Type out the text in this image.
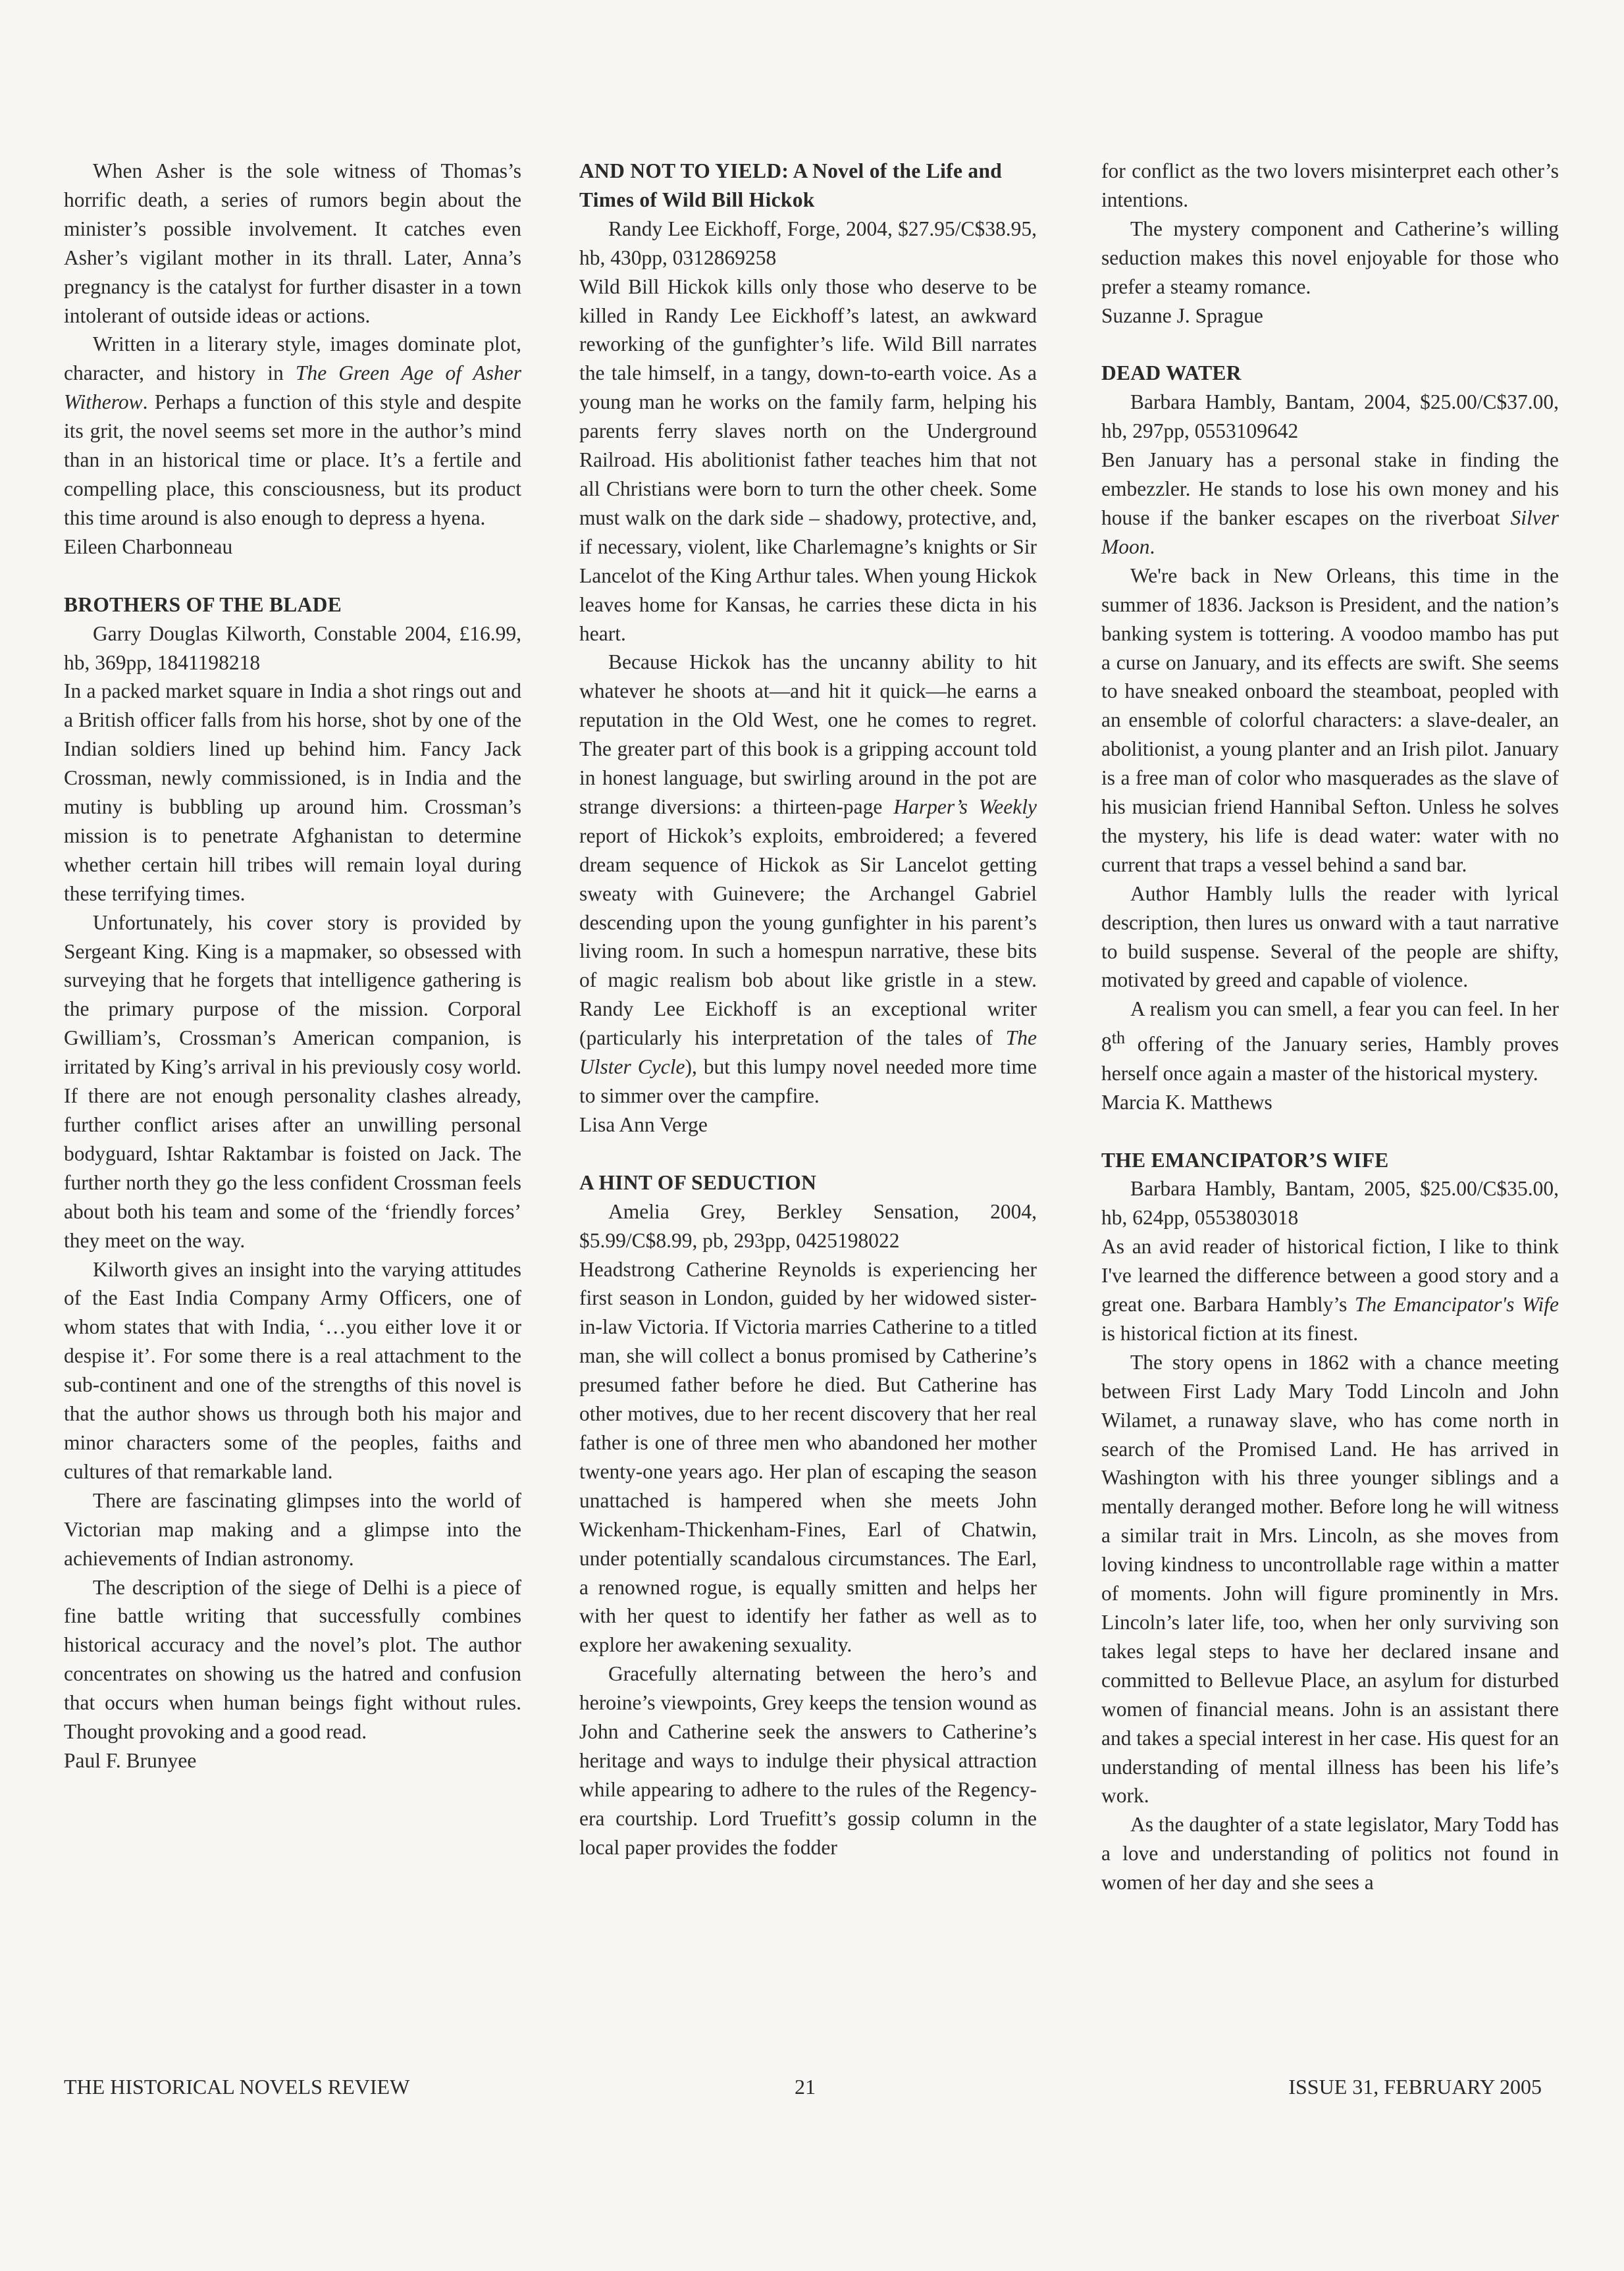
When Asher is the sole witness of Thomas’s horrific death, a series of rumors begin about the minister’s possible involvement. It catches even Asher’s vigilant mother in its thrall. Later, Anna’s pregnancy is the catalyst for further disaster in a town intolerant of outside ideas or actions.

Written in a literary style, images dominate plot, character, and history in The Green Age of Asher Witherow. Perhaps a function of this style and despite its grit, the novel seems set more in the author’s mind than in an historical time or place. It’s a fertile and compelling place, this consciousness, but its product this time around is also enough to depress a hyena.

Eileen Charbonneau

BROTHERS OF THE BLADE

Garry Douglas Kilworth, Constable 2004, £16.99, hb, 369pp, 1841198218

In a packed market square in India a shot rings out and a British officer falls from his horse, shot by one of the Indian soldiers lined up behind him. Fancy Jack Crossman, newly commissioned, is in India and the mutiny is bubbling up around him. Crossman’s mission is to penetrate Afghanistan to determine whether certain hill tribes will remain loyal during these terrifying times.

Unfortunately, his cover story is provided by Sergeant King. King is a mapmaker, so obsessed with surveying that he forgets that intelligence gathering is the primary purpose of the mission. Corporal Gwilliam’s, Crossman’s American companion, is irritated by King’s arrival in his previously cosy world. If there are not enough personality clashes already, further conflict arises after an unwilling personal bodyguard, Ishtar Raktambar is foisted on Jack. The further north they go the less confident Crossman feels about both his team and some of the ‘friendly forces’ they meet on the way.

Kilworth gives an insight into the varying attitudes of the East India Company Army Officers, one of whom states that with India, ‘…you either love it or despise it’. For some there is a real attachment to the sub-continent and one of the strengths of this novel is that the author shows us through both his major and minor characters some of the peoples, faiths and cultures of that remarkable land.

There are fascinating glimpses into the world of Victorian map making and a glimpse into the achievements of Indian astronomy.

The description of the siege of Delhi is a piece of fine battle writing that successfully combines historical accuracy and the novel’s plot. The author concentrates on showing us the hatred and confusion that occurs when human beings fight without rules. Thought provoking and a good read.

Paul F. Brunyee

AND NOT TO YIELD: A Novel of the Life and Times of Wild Bill Hickok

Randy Lee Eickhoff, Forge, 2004, $27.95/C$38.95, hb, 430pp, 0312869258

Wild Bill Hickok kills only those who deserve to be killed in Randy Lee Eickhoff’s latest, an awkward reworking of the gunfighter’s life. Wild Bill narrates the tale himself, in a tangy, down-to-earth voice. As a young man he works on the family farm, helping his parents ferry slaves north on the Underground Railroad. His abolitionist father teaches him that not all Christians were born to turn the other cheek. Some must walk on the dark side – shadowy, protective, and, if necessary, violent, like Charlemagne’s knights or Sir Lancelot of the King Arthur tales. When young Hickok leaves home for Kansas, he carries these dicta in his heart.

Because Hickok has the uncanny ability to hit whatever he shoots at—and hit it quick—he earns a reputation in the Old West, one he comes to regret. The greater part of this book is a gripping account told in honest language, but swirling around in the pot are strange diversions: a thirteen-page Harper’s Weekly report of Hickok’s exploits, embroidered; a fevered dream sequence of Hickok as Sir Lancelot getting sweaty with Guinevere; the Archangel Gabriel descending upon the young gunfighter in his parent’s living room. In such a homespun narrative, these bits of magic realism bob about like gristle in a stew. Randy Lee Eickhoff is an exceptional writer (particularly his interpretation of the tales of The Ulster Cycle), but this lumpy novel needed more time to simmer over the campfire.

Lisa Ann Verge

A HINT OF SEDUCTION

Amelia Grey, Berkley Sensation, 2004, $5.99/C$8.99, pb, 293pp, 0425198022

Headstrong Catherine Reynolds is experiencing her first season in London, guided by her widowed sister-in-law Victoria. If Victoria marries Catherine to a titled man, she will collect a bonus promised by Catherine’s presumed father before he died. But Catherine has other motives, due to her recent discovery that her real father is one of three men who abandoned her mother twenty-one years ago. Her plan of escaping the season unattached is hampered when she meets John Wickenham-Thickenham-Fines, Earl of Chatwin, under potentially scandalous circumstances. The Earl, a renowned rogue, is equally smitten and helps her with her quest to identify her father as well as to explore her awakening sexuality.

Gracefully alternating between the hero’s and heroine’s viewpoints, Grey keeps the tension wound as John and Catherine seek the answers to Catherine’s heritage and ways to indulge their physical attraction while appearing to adhere to the rules of the Regency-era courtship. Lord Truefitt’s gossip column in the local paper provides the fodder

for conflict as the two lovers misinterpret each other’s intentions.

The mystery component and Catherine’s willing seduction makes this novel enjoyable for those who prefer a steamy romance.

Suzanne J. Sprague

DEAD WATER

Barbara Hambly, Bantam, 2004, $25.00/C$37.00, hb, 297pp, 0553109642

Ben January has a personal stake in finding the embezzler. He stands to lose his own money and his house if the banker escapes on the riverboat Silver Moon.

We're back in New Orleans, this time in the summer of 1836. Jackson is President, and the nation’s banking system is tottering. A voodoo mambo has put a curse on January, and its effects are swift. She seems to have sneaked onboard the steamboat, peopled with an ensemble of colorful characters: a slave-dealer, an abolitionist, a young planter and an Irish pilot. January is a free man of color who masquerades as the slave of his musician friend Hannibal Sefton. Unless he solves the mystery, his life is dead water: water with no current that traps a vessel behind a sand bar.

Author Hambly lulls the reader with lyrical description, then lures us onward with a taut narrative to build suspense. Several of the people are shifty, motivated by greed and capable of violence.

A realism you can smell, a fear you can feel. In her 8th offering of the January series, Hambly proves herself once again a master of the historical mystery.

Marcia K. Matthews

THE EMANCIPATOR’S WIFE

Barbara Hambly, Bantam, 2005, $25.00/C$35.00, hb, 624pp, 0553803018

As an avid reader of historical fiction, I like to think I've learned the difference between a good story and a great one. Barbara Hambly’s The Emancipator's Wife is historical fiction at its finest.

The story opens in 1862 with a chance meeting between First Lady Mary Todd Lincoln and John Wilamet, a runaway slave, who has come north in search of the Promised Land. He has arrived in Washington with his three younger siblings and a mentally deranged mother. Before long he will witness a similar trait in Mrs. Lincoln, as she moves from loving kindness to uncontrollable rage within a matter of moments. John will figure prominently in Mrs. Lincoln’s later life, too, when her only surviving son takes legal steps to have her declared insane and committed to Bellevue Place, an asylum for disturbed women of financial means. John is an assistant there and takes a special interest in her case. His quest for an understanding of mental illness has been his life’s work.

As the daughter of a state legislator, Mary Todd has a love and understanding of politics not found in women of her day and she sees a

THE HISTORICAL NOVELS REVIEW	21	ISSUE 31, FEBRUARY 2005
